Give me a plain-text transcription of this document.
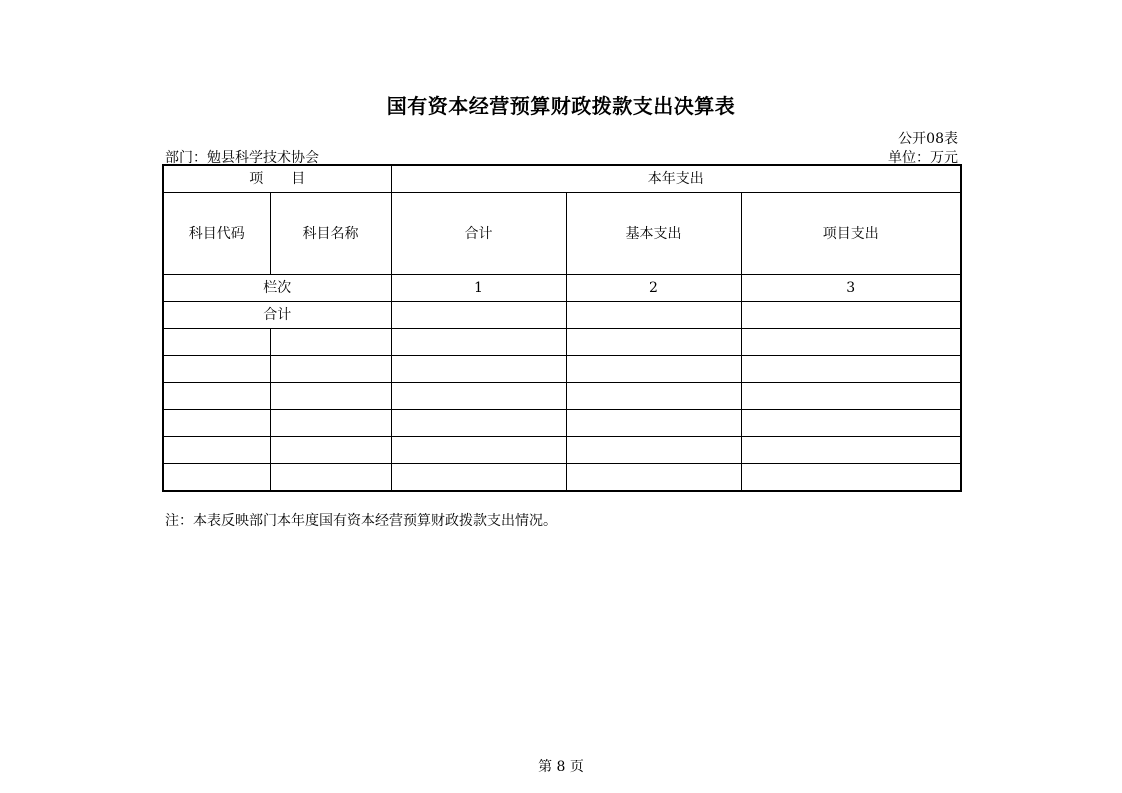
国有资本经营预算财政拨款支出决算表
公开08表
部门：勉县科学技术协会	单位：万元
项　　目		本年支出		
科目代码	科目名称	合计	基本支出	项目支出
栏次		1	2	3
合计				

注：本表反映部门本年度国有资本经营预算财政拨款支出情况。
第 8 页
